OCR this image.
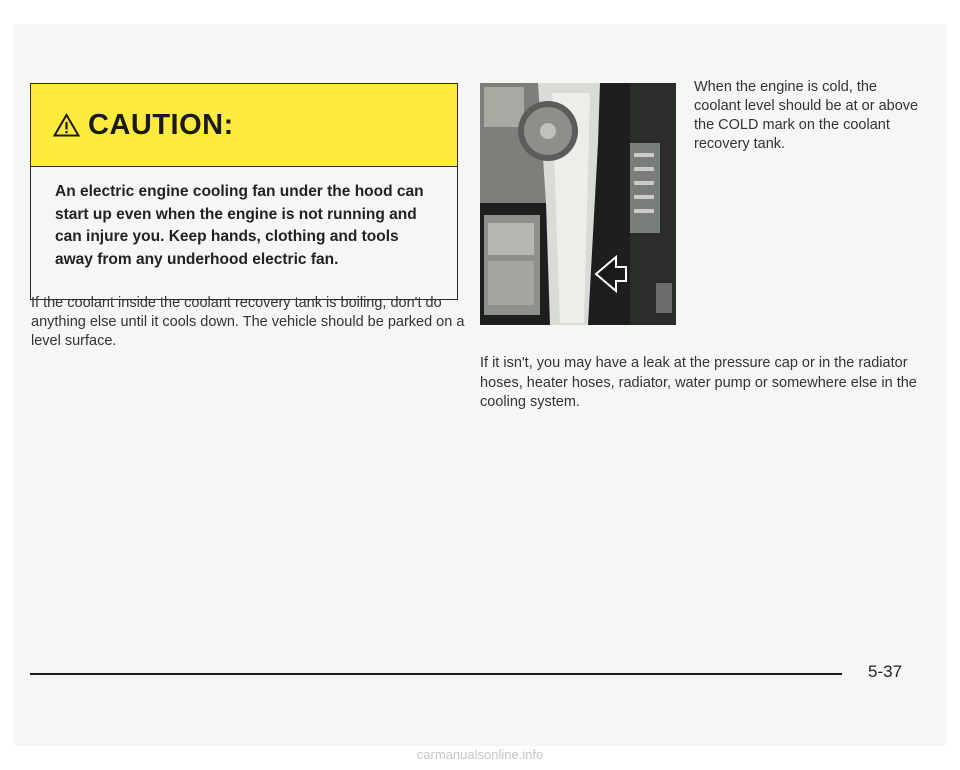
CAUTION:
An electric engine cooling fan under the hood can start up even when the engine is not running and can injure you. Keep hands, clothing and tools away from any underhood electric fan.
If the coolant inside the coolant recovery tank is boiling, don't do anything else until it cools down. The vehicle should be parked on a level surface.
When the engine is cold, the coolant level should be at or above the COLD mark on the coolant recovery tank.
If it isn't, you may have a leak at the pressure cap or in the radiator hoses, heater hoses, radiator, water pump or somewhere else in the cooling system.
5-37
carmanualsonline.info
